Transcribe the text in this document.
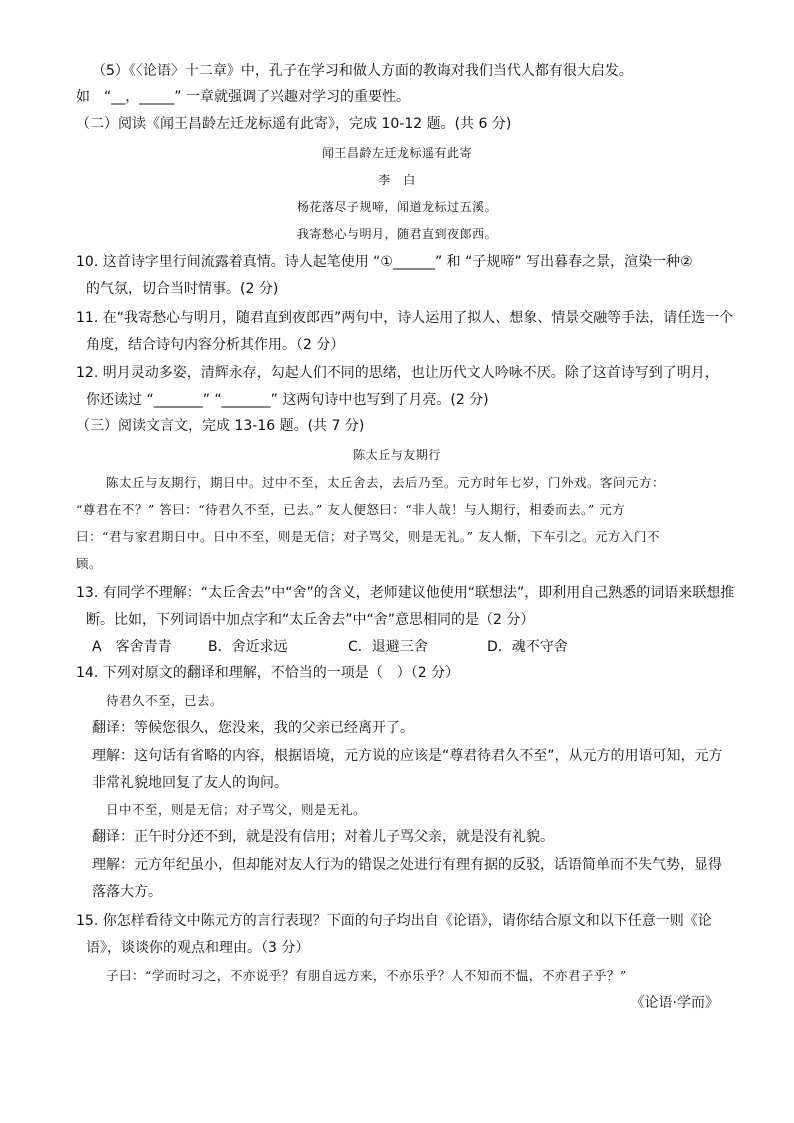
（5）《〈论语〉十二章》中，孔子在学习和做人方面的教诲对我们当代人都有很大启发。
如　“__，_____” 一章就强调了兴趣对学习的重要性。
（二）阅读《闻王昌龄左迁龙标遥有此寄》，完成 10-12 题。(共 6 分)
闻王昌龄左迁龙标遥有此寄
李　白
杨花落尽子规啼，闻道龙标过五溪。
我寄愁心与明月，随君直到夜郎西。
10. 这首诗字里行间流露着真情。诗人起笔使用 “①______” 和 “子规啼” 写出暮春之景，渲染一种②
的气氛，切合当时情事。(2 分)
11. 在“我寄愁心与明月，随君直到夜郎西”两句中，诗人运用了拟人、想象、情景交融等手法，请任选一个
角度，结合诗句内容分析其作用。（2 分）
12. 明月灵动多姿，清辉永存，勾起人们不同的思绪，也让历代文人吟咏不厌。除了这首诗写到了明月，
你还读过 “_______” “_______” 这两句诗中也写到了月亮。(2 分)
（三）阅读文言文，完成 13-16 题。(共 7 分)
陈太丘与友期行
陈太丘与友期行，期日中。过中不至，太丘舍去，去后乃至。元方时年七岁，门外戏。客问元方：
“尊君在不？” 答曰：“待君久不至，已去。” 友人便怒曰：“非人哉！与人期行，相委而去。” 元方
曰：“君与家君期日中。日中不至，则是无信；对子骂父，则是无礼。” 友人惭，下车引之。元方入门不
顾。
13. 有同学不理解：“太丘舍去”中“舍”的含义，老师建议他使用“联想法”，即利用自己熟悉的词语来联想推
断。比如，下列词语中加点字和“太丘舍去”中“舍”意思相同的是（2 分）
A　客舍青青	B．舍近求远	C．退避三舍	D．魂不守舍
14. 下列对原文的翻译和理解，不恰当的一项是（　）（2 分）
待君久不至，已去。
翻译：等候您很久，您没来，我的父亲已经离开了。
理解：这句话有省略的内容，根据语境，元方说的应该是“尊君待君久不至”，从元方的用语可知，元方
非常礼貌地回复了友人的询问。
日中不至，则是无信；对子骂父，则是无礼。
翻译：正午时分还不到，就是没有信用；对着儿子骂父亲，就是没有礼貌。
理解：元方年纪虽小，但却能对友人行为的错误之处进行有理有据的反驳，话语简单而不失气势，显得
落落大方。
15. 你怎样看待文中陈元方的言行表现？下面的句子均出自《论语》，请你结合原文和以下任意一则《论
语》，谈谈你的观点和理由。（3 分）
子曰：“学而时习之，不亦说乎？有朋自远方来，不亦乐乎？人不知而不愠，不亦君子乎？”
《论语·学而》
